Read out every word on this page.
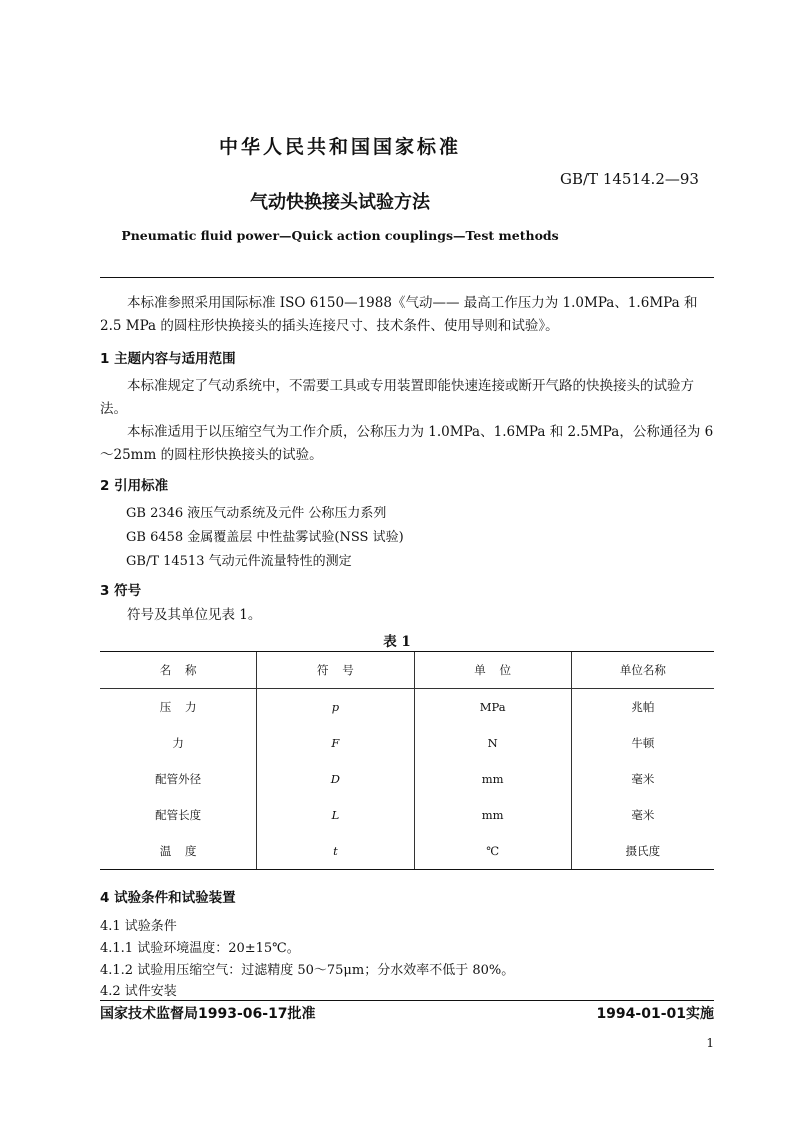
中华人民共和国国家标准
GB/T 14514.2—93
气动快换接头试验方法
Pneumatic fluid power—Quick action couplings—Test methods
本标准参照采用国际标准 ISO 6150—1988《气动—— 最高工作压力为 1.0MPa、1.6MPa 和 2.5 MPa 的圆柱形快换接头的插头连接尺寸、技术条件、使用导则和试验》。
1 主题内容与适用范围
本标准规定了气动系统中，不需要工具或专用装置即能快速连接或断开气路的快换接头的试验方法。
本标准适用于以压缩空气为工作介质，公称压力为 1.0MPa、1.6MPa 和 2.5MPa，公称通径为 6～25mm 的圆柱形快换接头的试验。
2 引用标准
GB 2346 液压气动系统及元件 公称压力系列
GB 6458 金属覆盖层 中性盐雾试验(NSS 试验)
GB/T 14513 气动元件流量特性的测定
3 符号
符号及其单位见表 1。
表 1
名称	符号	单位	单位名称
压力	p	MPa	兆帕
力	F	N	牛顿
配管外径	D	mm	毫米
配管长度	L	mm	毫米
温度	t	℃	摄氏度
4 试验条件和试验装置
4.1 试验条件
4.1.1 试验环境温度：20±15℃。
4.1.2 试验用压缩空气：过滤精度 50～75μm；分水效率不低于 80%。
4.2 试件安装
国家技术监督局1993-06-17批准	1994-01-01实施
1
